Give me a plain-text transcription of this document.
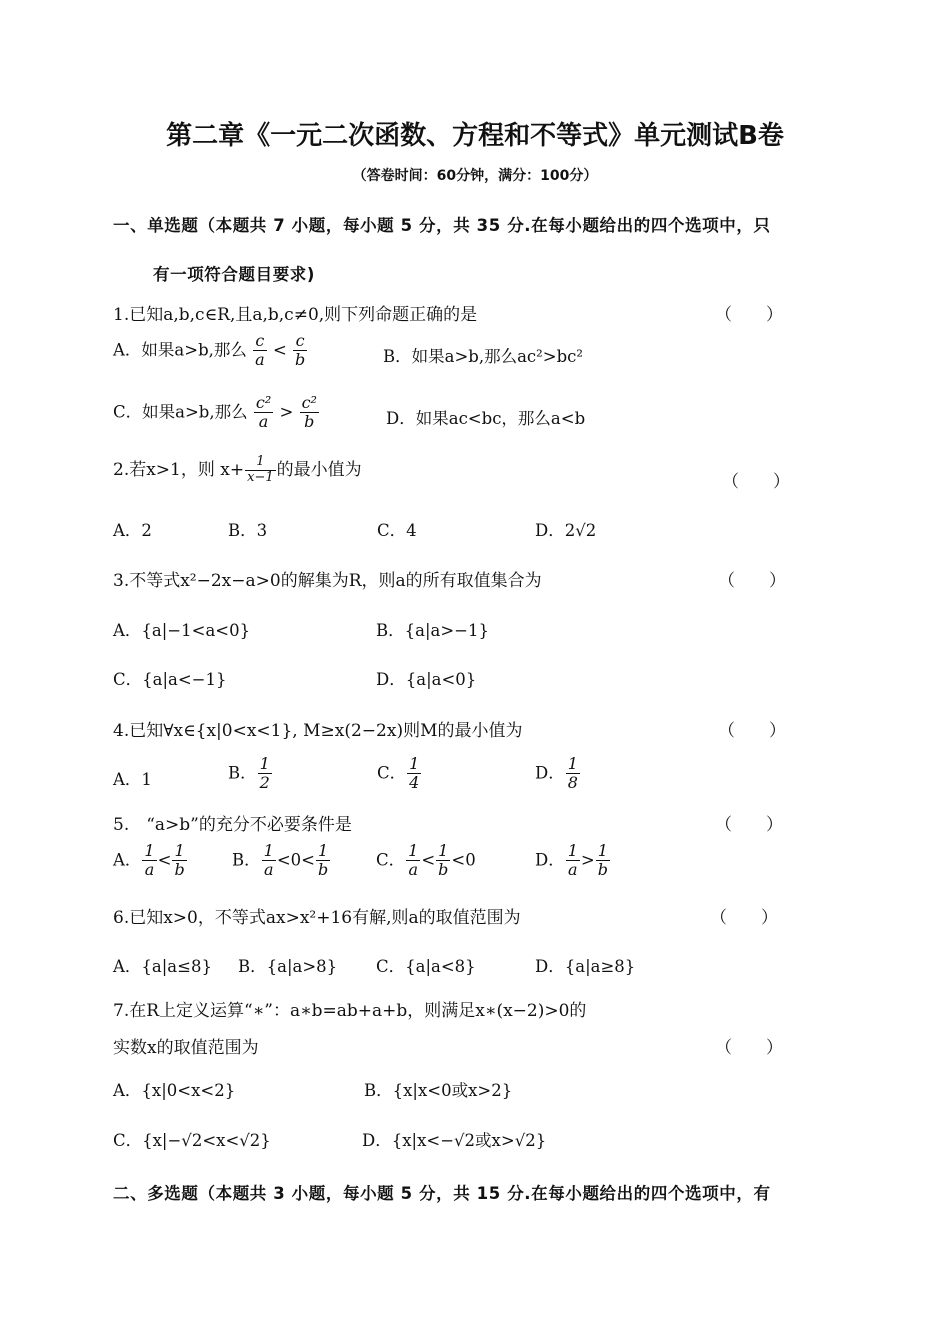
第二章《一元二次函数、方程和不等式》单元测试B卷
（答卷时间：60分钟，满分：100分）
一、单选题（本题共 7 小题，每小题 5 分，共 35 分.在每小题给出的四个选项中，只
有一项符合题目要求)
1.已知a,b,c∈R,且a,b,c≠0,则下列命题正确的是	（　　）
A．如果a>b,那么 $\frac{c}{a} < \frac{c}{b}$	B．如果a>b,那么ac²>bc²
C．如果a>b,那么 $\frac{\text{c²}}{a} > \frac{\text{c²}}{b}$	D．如果ac<bc，那么a<b
2.若x>1，则 $x+ \frac{1}{x-1}$ 的最小值为
（　　）
A．2	B．3	C．4	D．2√2
3.不等式x²−2x−a>0的解集为R，则a的所有取值集合为	（　　）
A．{a|−1<a<0}	B．{a|a>−1}
C．{a|a<−1}	D．{a|a<0}
4.已知∀x∈{x|0<x<1}, M≥x(2−2x)则M的最小值为	（　　）
A．1	B． $\frac{1}{2}$	C． $\frac{1}{4}$	D． $\frac{1}{8}$
5.　“a>b”的充分不必要条件是	（　　）
A． $\frac{1}{a} < \frac{1}{b}$	B． $\frac{1}{a} <0< \frac{1}{b}$	C． $\frac{1}{a} < \frac{1}{b} <0$	D． $\frac{1}{a} > \frac{1}{b}$
6.已知x>0，不等式ax>x²+16有解,则a的取值范围为	（　　）
A．{a|a≤8} B．{a|a>8} C．{a|a<8}	D．{a|a≥8}
7.在R上定义运算“∗”：a∗b=ab+a+b，则满足x∗(x−2)>0的
实数x的取值范围为	（　　）
A．{x|0<x<2}	B．{x|x<0或x>2}
C．{x|−√2<x<√2}	D．{x|x<−√2或x>√2}
二、多选题（本题共 3 小题，每小题 5 分，共 15 分.在每小题给出的四个选项中，有
